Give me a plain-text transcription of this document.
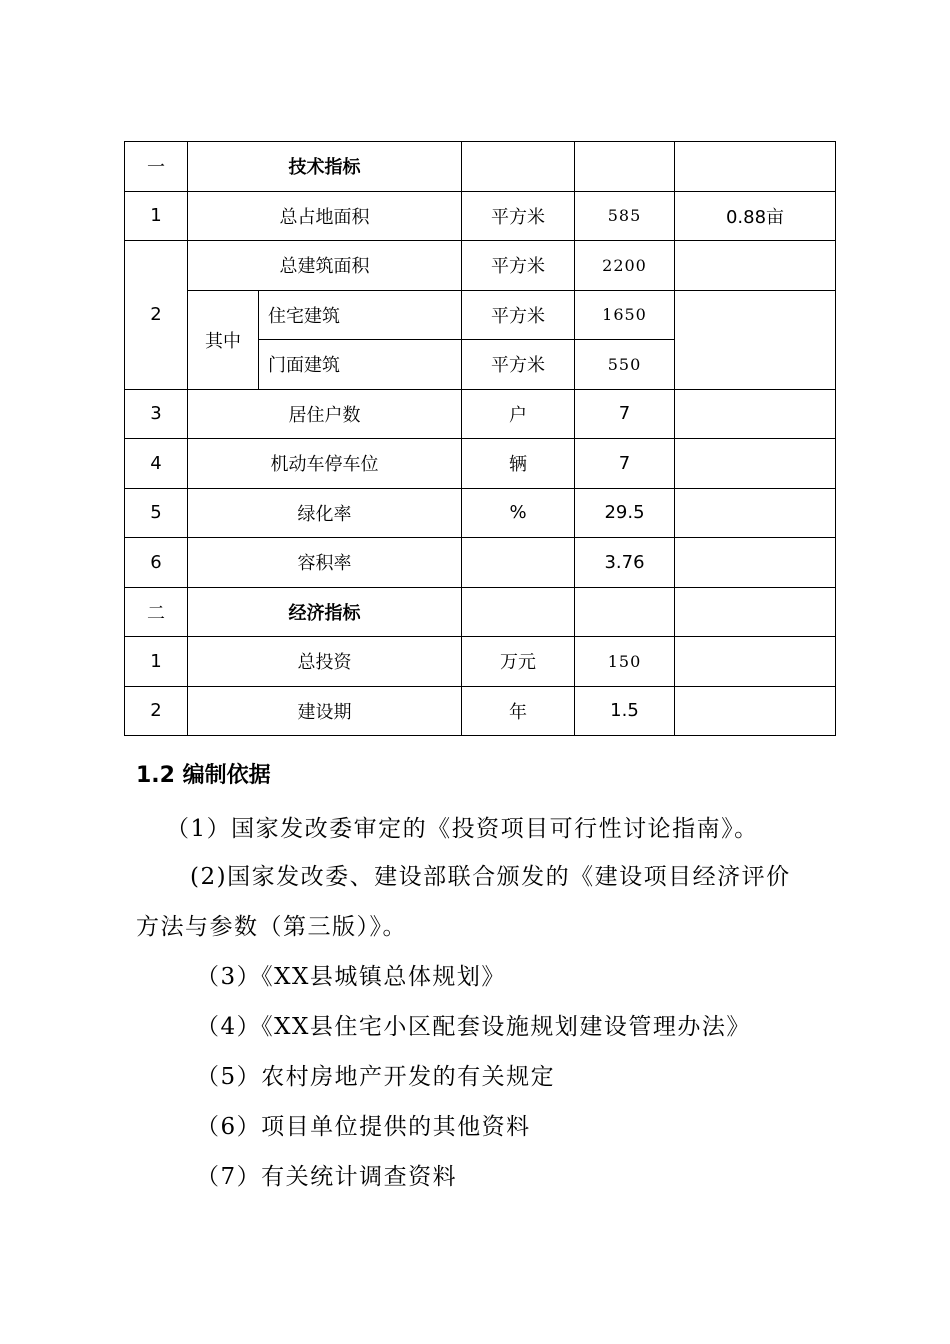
一	技术指标				
1	总占地面积		平方米	585	0.88亩
2	总建筑面积		平方米	2200	
	其中	住宅建筑	平方米	1650	
		门面建筑	平方米	550	
3	居住户数		户	7	
4	机动车停车位		辆	7	
5	绿化率		%	29.5	
6	容积率			3.76	
二	经济指标				
1	总投资		万元	150	
2	建设期		年	1.5	
1.2 编制依据
（1）国家发改委审定的《投资项目可行性讨论指南》。
(2)国家发改委、建设部联合颁发的《建设项目经济评价
方法与参数（第三版）》。
（3）《XX县城镇总体规划》
（4）《XX县住宅小区配套设施规划建设管理办法》
（5）农村房地产开发的有关规定
（6）项目单位提供的其他资料
（7）有关统计调查资料
